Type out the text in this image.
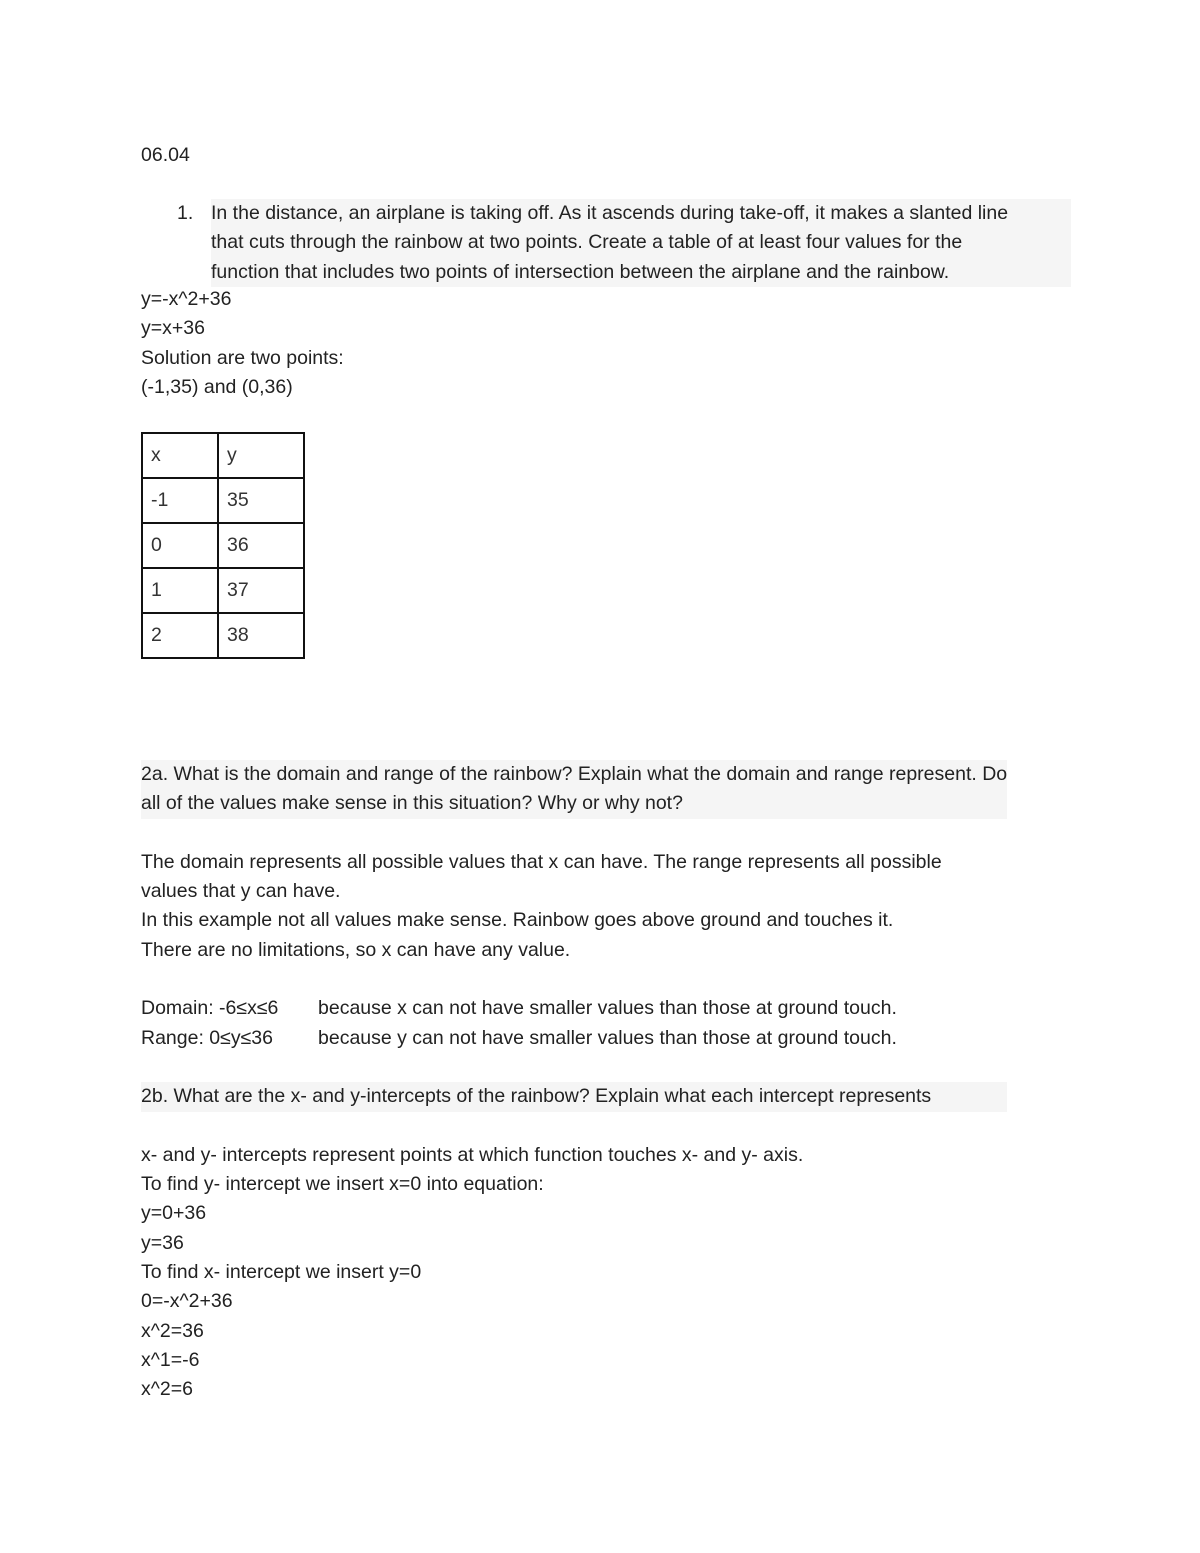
06.04
1. In the distance, an airplane is taking off. As it ascends during take-off, it makes a slanted line
that cuts through the rainbow at two points. Create a table of at least four values for the
function that includes two points of intersection between the airplane and the rainbow.
y=-x^2+36
y=x+36
Solution are two points:
(-1,35) and (0,36)
x	y
-1	35
0	36
1	37
2	38
2a. What is the domain and range of the rainbow? Explain what the domain and range represent. Do
all of the values make sense in this situation? Why or why not?
The domain represents all possible values that x can have. The range represents all possible
values that y can have.
In this example not all values make sense. Rainbow goes above ground and touches it.
There are no limitations, so x can have any value.
Domain: -6≤x≤6	because x can not have smaller values than those at ground touch.
Range: 0≤y≤36	because y can not have smaller values than those at ground touch.
2b. What are the x- and y-intercepts of the rainbow? Explain what each intercept represents
x- and y- intercepts represent points at which function touches x- and y- axis.
To find y- intercept we insert x=0 into equation:
y=0+36
y=36
To find x- intercept we insert y=0
0=-x^2+36
x^2=36
x^1=-6
x^2=6
